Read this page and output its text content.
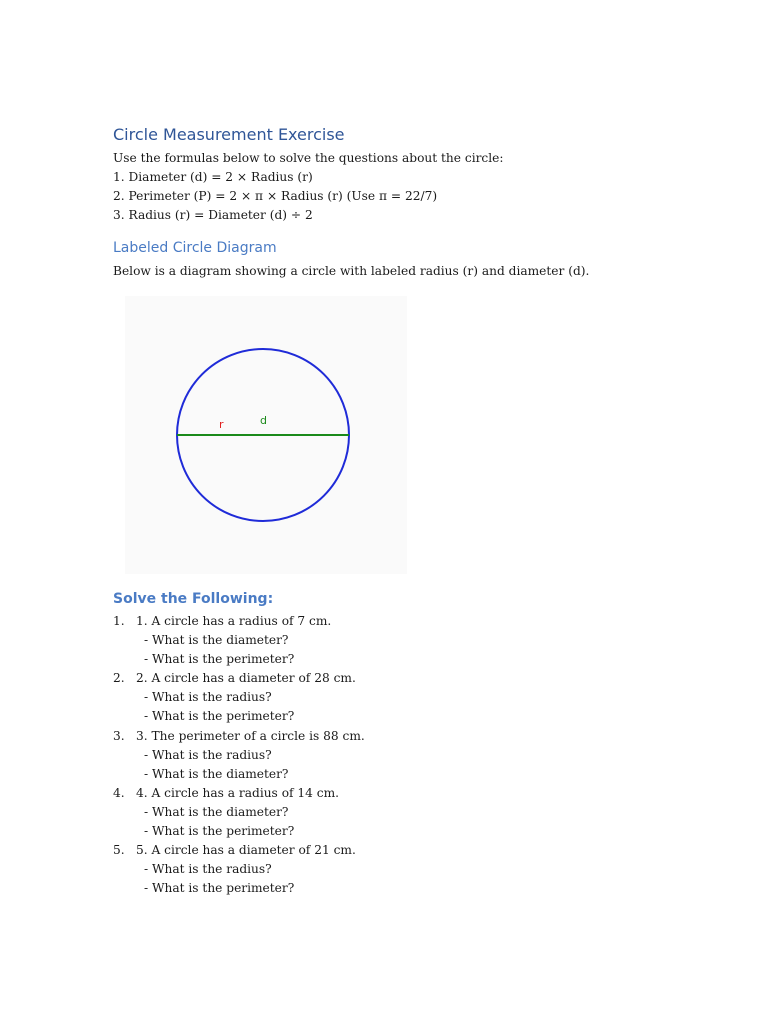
Circle Measurement Exercise
Use the formulas below to solve the questions about the circle:
1. Diameter (d) = 2 × Radius (r)
2. Perimeter (P) = 2 × π × Radius (r) (Use π = 22/7)
3. Radius (r) = Diameter (d) ÷ 2
Labeled Circle Diagram
Below is a diagram showing a circle with labeled radius (r) and diameter (d).
r	d
Solve the Following:
1. 1. A circle has a radius of 7 cm.
- What is the diameter?
- What is the perimeter?
2. 2. A circle has a diameter of 28 cm.
- What is the radius?
- What is the perimeter?
3. 3. The perimeter of a circle is 88 cm.
- What is the radius?
- What is the diameter?
4. 4. A circle has a radius of 14 cm.
- What is the diameter?
- What is the perimeter?
5. 5. A circle has a diameter of 21 cm.
- What is the radius?
- What is the perimeter?
